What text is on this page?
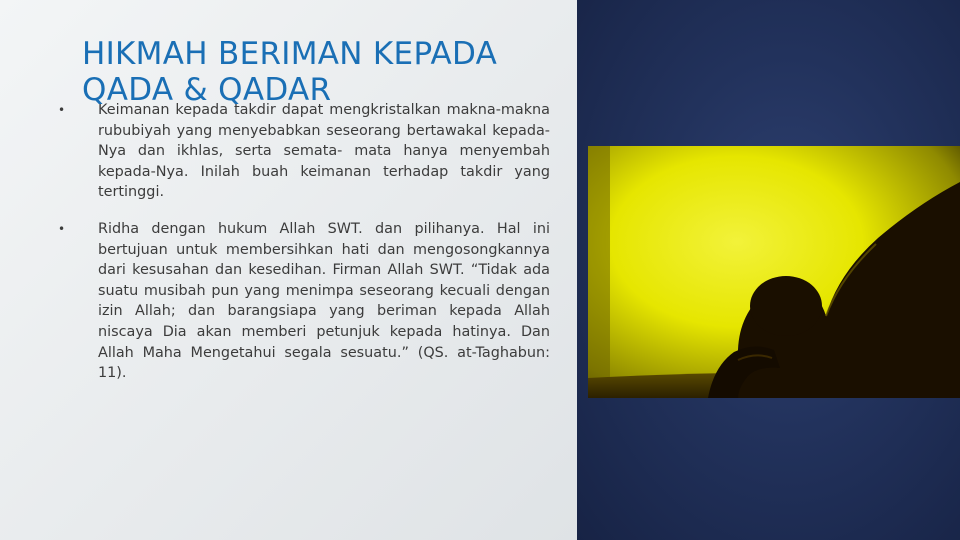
• Keimanan kepada takdir dapat mengkristalkan makna-makna rububiyah yang menyebabkan seseorang bertawakal kepada-Nya dan ikhlas, serta semata- mata hanya menyembah kepada-Nya. Inilah buah keimanan terhadap takdir yang tertinggi.
• Ridha dengan hukum Allah SWT. dan pilihanya. Hal ini bertujuan untuk membersihkan hati dan mengosongkannya dari kesusahan dan kesedihan. Firman Allah SWT. “Tidak ada suatu musibah pun yang menimpa seseorang kecuali dengan izin Allah; dan barangsiapa yang beriman kepada Allah niscaya Dia akan memberi petunjuk kepada hatinya. Dan Allah Maha Mengetahui segala sesuatu.” (QS. at-Taghabun: 11).
HIKMAH BERIMAN KEPADA QADA & QADAR
